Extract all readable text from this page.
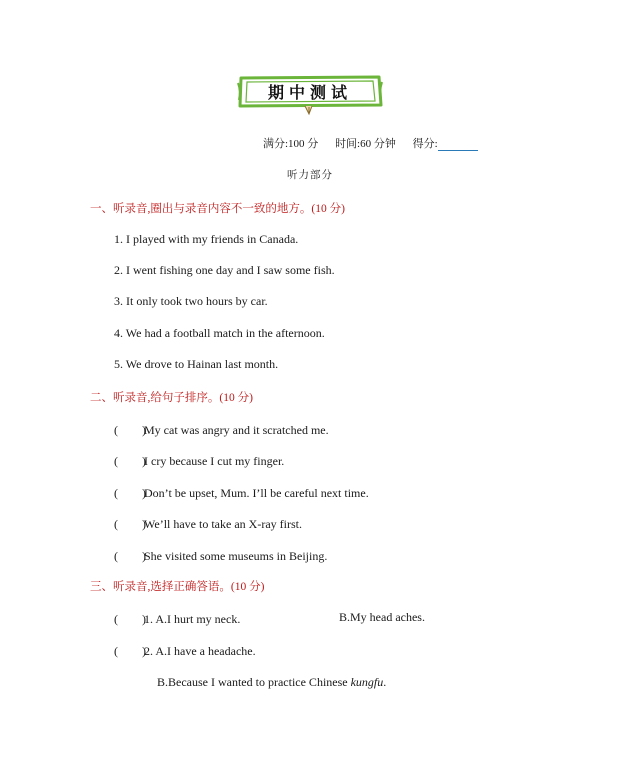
期中测试
满分:100 分 时间:60 分钟 得分:
听力部分
一、听录音,圈出与录音内容不一致的地方。(10 分)
1. I played with my friends in Canada.
2. I went fishing one day and I saw some fish.
3. It only took two hours by car.
4. We had a football match in the afternoon.
5. We drove to Hainan last month.
二、听录音,给句子排序。(10 分)
(　　)My cat was angry and it scratched me.
(　　)I cry because I cut my finger.
(　　)Don’t be upset, Mum. I’ll be careful next time.
(　　)We’ll have to take an X-ray first.
(　　)She visited some museums in Beijing.
三、听录音,选择正确答语。(10 分)
(　　)1. A.I hurt my neck.	B.My head aches.
(　　)2. A.I have a headache.
B.Because I wanted to practice Chinese kungfu.
